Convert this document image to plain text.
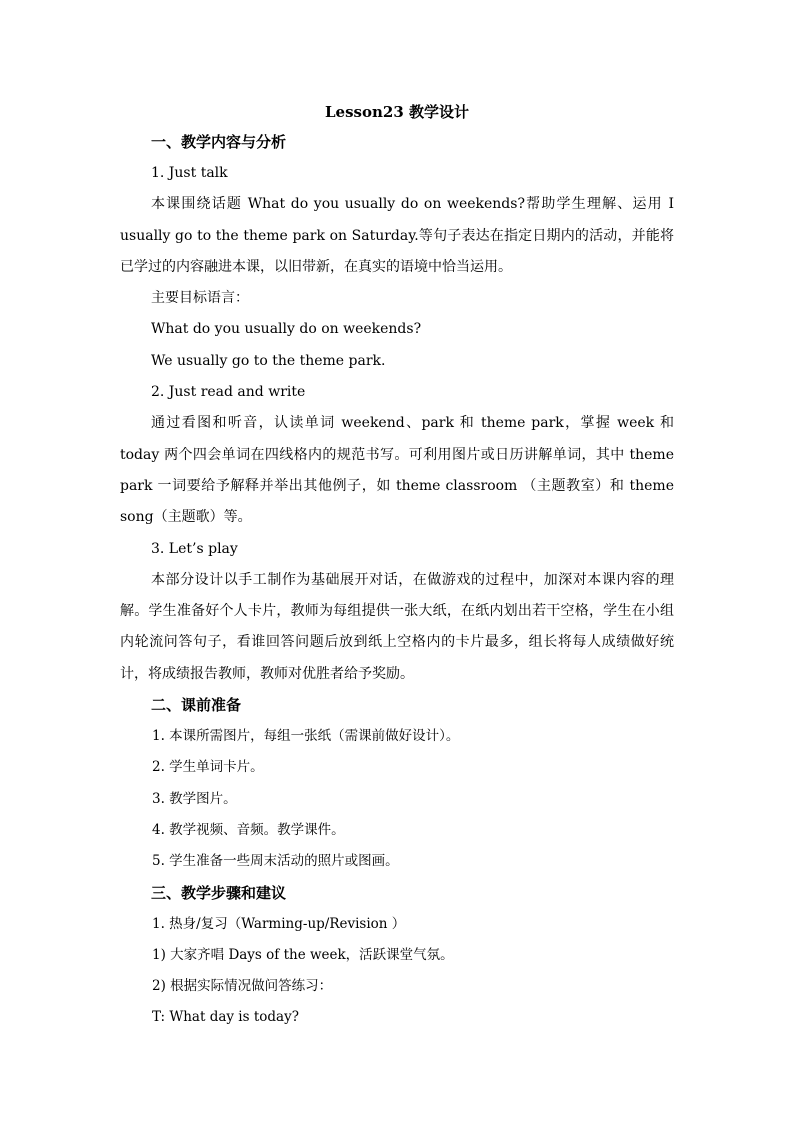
Lesson23 教学设计

一、教学内容与分析

1. Just talk

本课围绕话题 What do you usually do on weekends?帮助学生理解、运用 I usually go to the theme park on Saturday.等句子表达在指定日期内的活动，并能将已学过的内容融进本课，以旧带新，在真实的语境中恰当运用。

主要目标语言：

What do you usually do on weekends?

We usually go to the theme park.

2. Just read and write

通过看图和听音，认读单词 weekend、park 和 theme park，掌握 week 和 today 两个四会单词在四线格内的规范书写。可利用图片或日历讲解单词，其中 theme park 一词要给予解释并举出其他例子，如 theme classroom （主题教室）和 theme song（主题歌）等。

3. Let’s play

本部分设计以手工制作为基础展开对话，在做游戏的过程中，加深对本课内容的理解。学生准备好个人卡片，教师为每组提供一张大纸，在纸内划出若干空格，学生在小组内轮流问答句子，看谁回答问题后放到纸上空格内的卡片最多，组长将每人成绩做好统计，将成绩报告教师，教师对优胜者给予奖励。

二、课前准备

1. 本课所需图片，每组一张纸（需课前做好设计）。

2. 学生单词卡片。

3. 教学图片。

4. 教学视频、音频。教学课件。

5. 学生准备一些周末活动的照片或图画。

三、教学步骤和建议

1. 热身/复习（Warming-up/Revision ）

1) 大家齐唱 Days of the week，活跃课堂气氛。

2) 根据实际情况做问答练习：

T: What day is today?
